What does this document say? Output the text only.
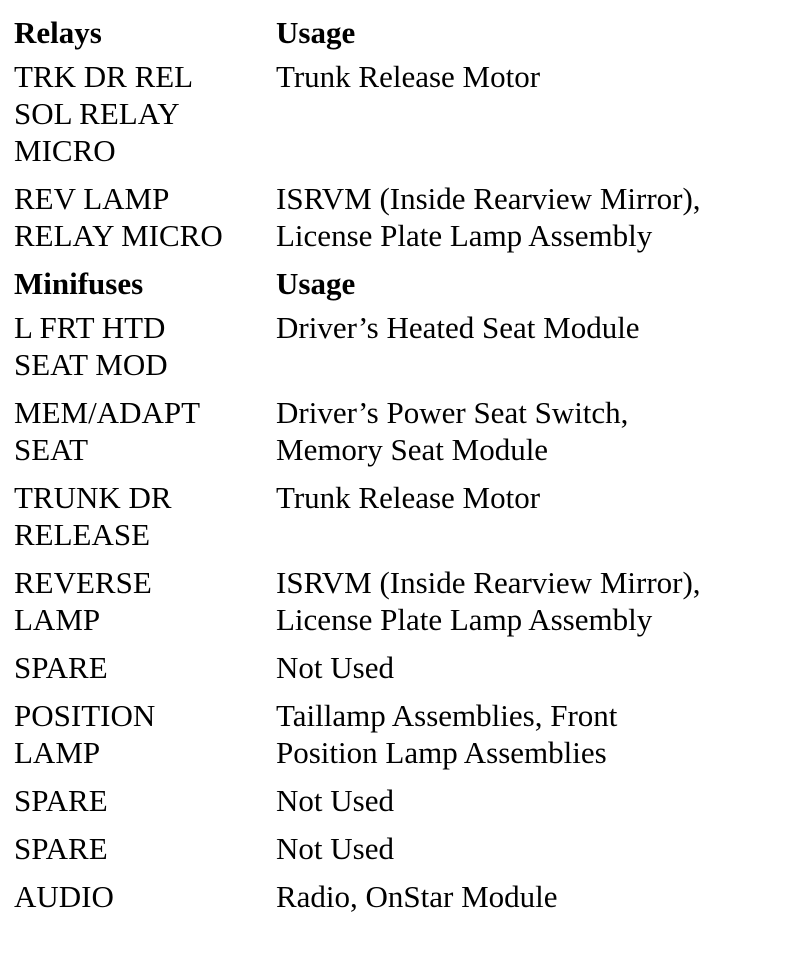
Relays	Usage

TRK DR REL
SOL RELAY
MICRO	Trunk Release Motor

REV LAMP
RELAY MICRO	ISRVM (Inside Rearview Mirror),
License Plate Lamp Assembly

Minifuses	Usage

L FRT HTD
SEAT MOD	Driver’s Heated Seat Module

MEM/ADAPT
SEAT	Driver’s Power Seat Switch,
Memory Seat Module

TRUNK DR
RELEASE	Trunk Release Motor

REVERSE
LAMP	ISRVM (Inside Rearview Mirror),
License Plate Lamp Assembly

SPARE	Not Used

POSITION
LAMP	Taillamp Assemblies, Front
Position Lamp Assemblies

SPARE	Not Used

SPARE	Not Used

AUDIO	Radio, OnStar Module
